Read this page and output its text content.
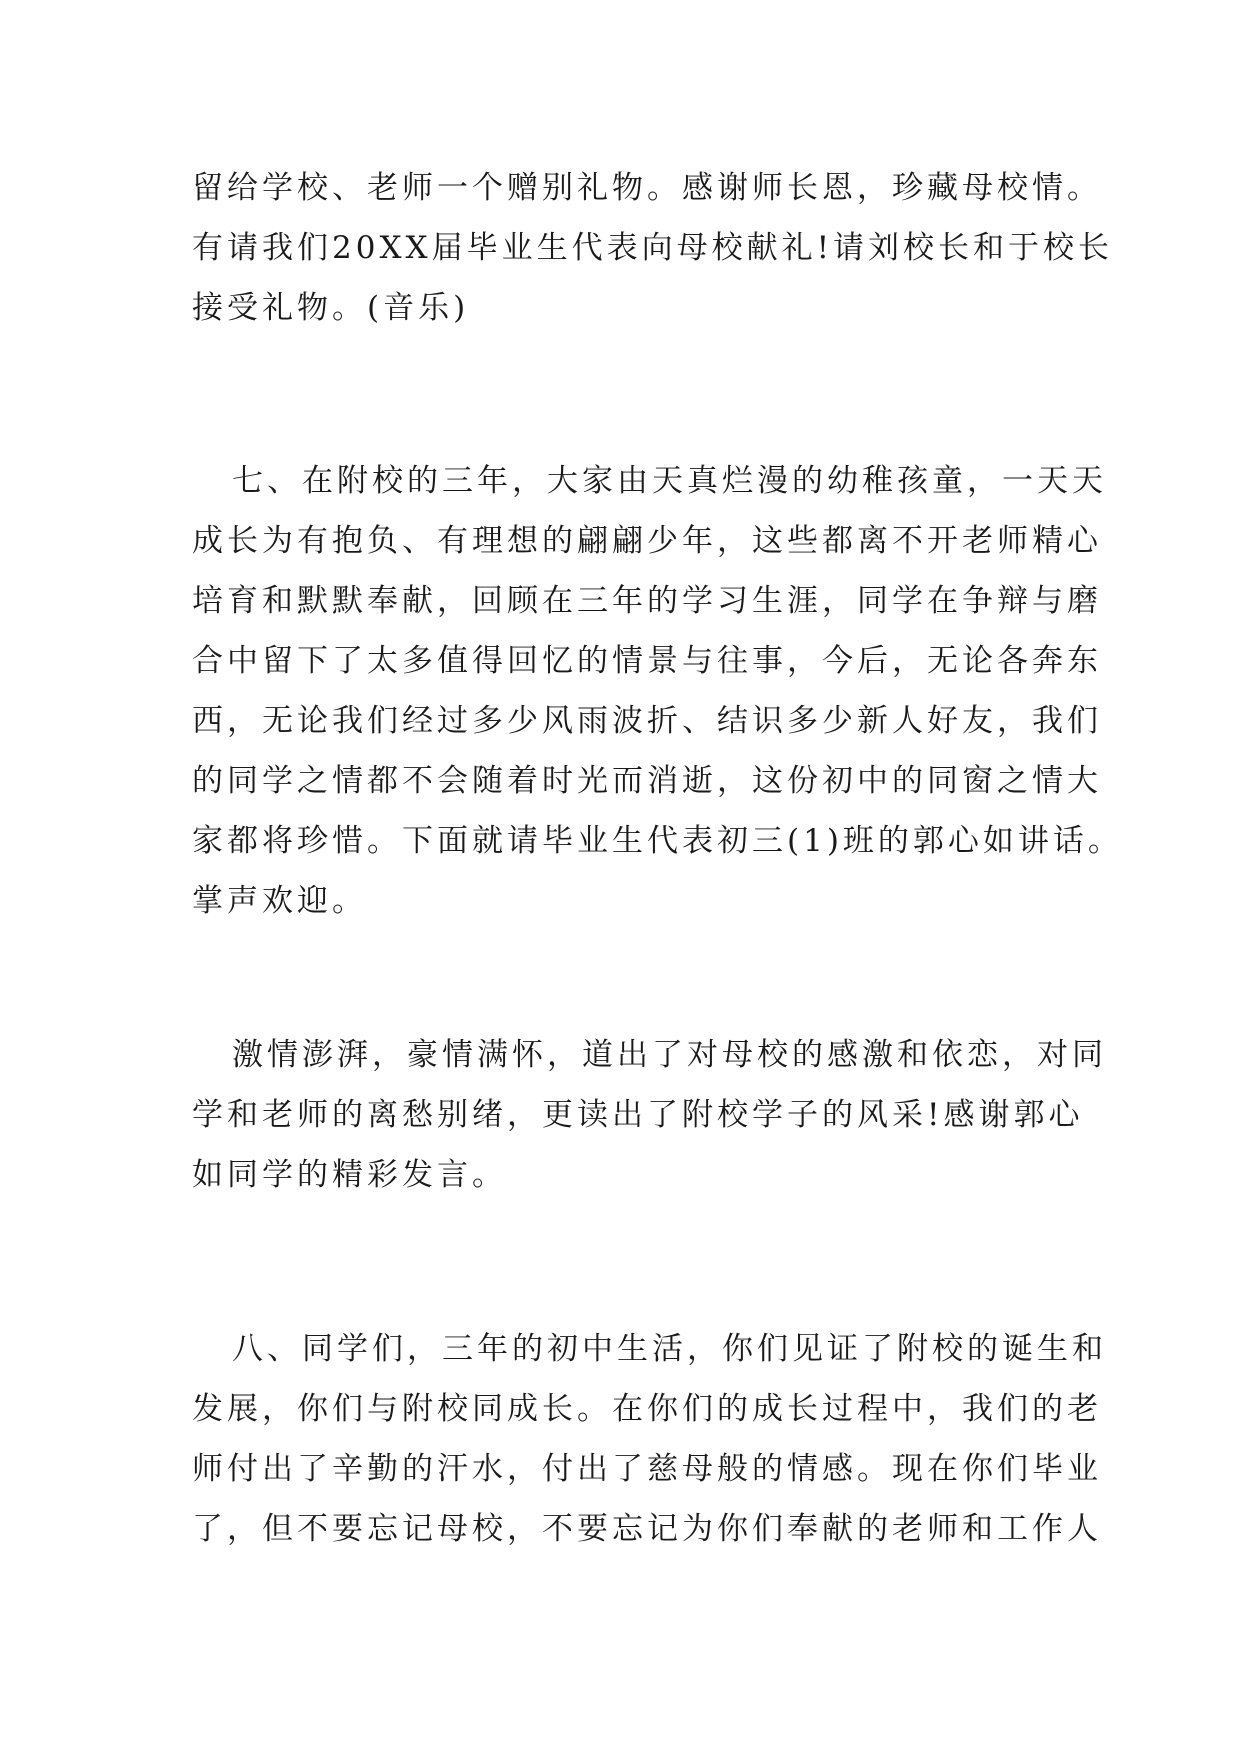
留给学校、老师一个赠别礼物。感谢师长恩，珍藏母校情。
有请我们20XX届毕业生代表向母校献礼!请刘校长和于校长
接受礼物。(音乐)
七、在附校的三年，大家由天真烂漫的幼稚孩童，一天天
成长为有抱负、有理想的翩翩少年，这些都离不开老师精心
培育和默默奉献，回顾在三年的学习生涯，同学在争辩与磨
合中留下了太多值得回忆的情景与往事，今后，无论各奔东
西，无论我们经过多少风雨波折、结识多少新人好友，我们
的同学之情都不会随着时光而消逝，这份初中的同窗之情大
家都将珍惜。下面就请毕业生代表初三(1)班的郭心如讲话。
掌声欢迎。
激情澎湃，豪情满怀，道出了对母校的感激和依恋，对同
学和老师的离愁别绪，更读出了附校学子的风采!感谢郭心
如同学的精彩发言。
八、同学们，三年的初中生活，你们见证了附校的诞生和
发展，你们与附校同成长。在你们的成长过程中，我们的老
师付出了辛勤的汗水，付出了慈母般的情感。现在你们毕业
了，但不要忘记母校，不要忘记为你们奉献的老师和工作人
